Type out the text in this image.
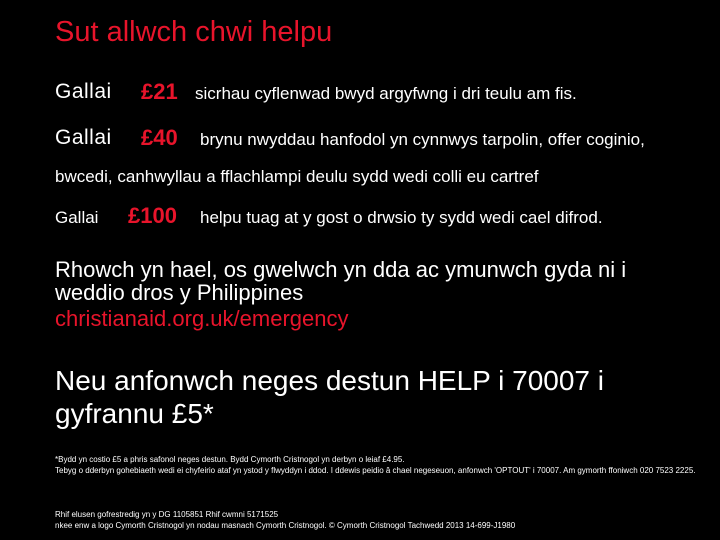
Sut allwch chwi helpu
Gallai £21 sicrhau cyflenwad bwyd argyfwng i dri teulu am fis.
Gallai £40 brynu nwyddau hanfodol yn cynnwys tarpolin, offer coginio,
bwcedi, canhwyllau a fflachlampi deulu sydd wedi colli eu cartref
Gallai £100 helpu tuag at y gost o drwsio ty sydd wedi cael difrod.
Rhowch yn hael, os gwelwch yn dda ac ymunwch gyda ni i
weddio dros y Philippines
christianaid.org.uk/emergency
Neu anfonwch neges destun HELP i 70007 i
gyfrannu £5*
*Bydd yn costio £5 a phris safonol neges destun. Bydd Cymorth Cristnogol yn derbyn o leiaf £4.95.
Tebyg o dderbyn gohebiaeth wedi ei chyfeirio ataf yn ystod y flwyddyn i ddod. I ddewis peidio â chael negeseuon, anfonwch 'OPTOUT' i 70007. Am gymorth ffoniwch 020 7523 2225.
Rhif elusen gofrestredig yn y DG 1105851 Rhif cwmni 5171525
nkee enw a logo Cymorth Cristnogol yn nodau masnach Cymorth Cristnogol. © Cymorth Cristnogol Tachwedd 2013 14-699-J1980
